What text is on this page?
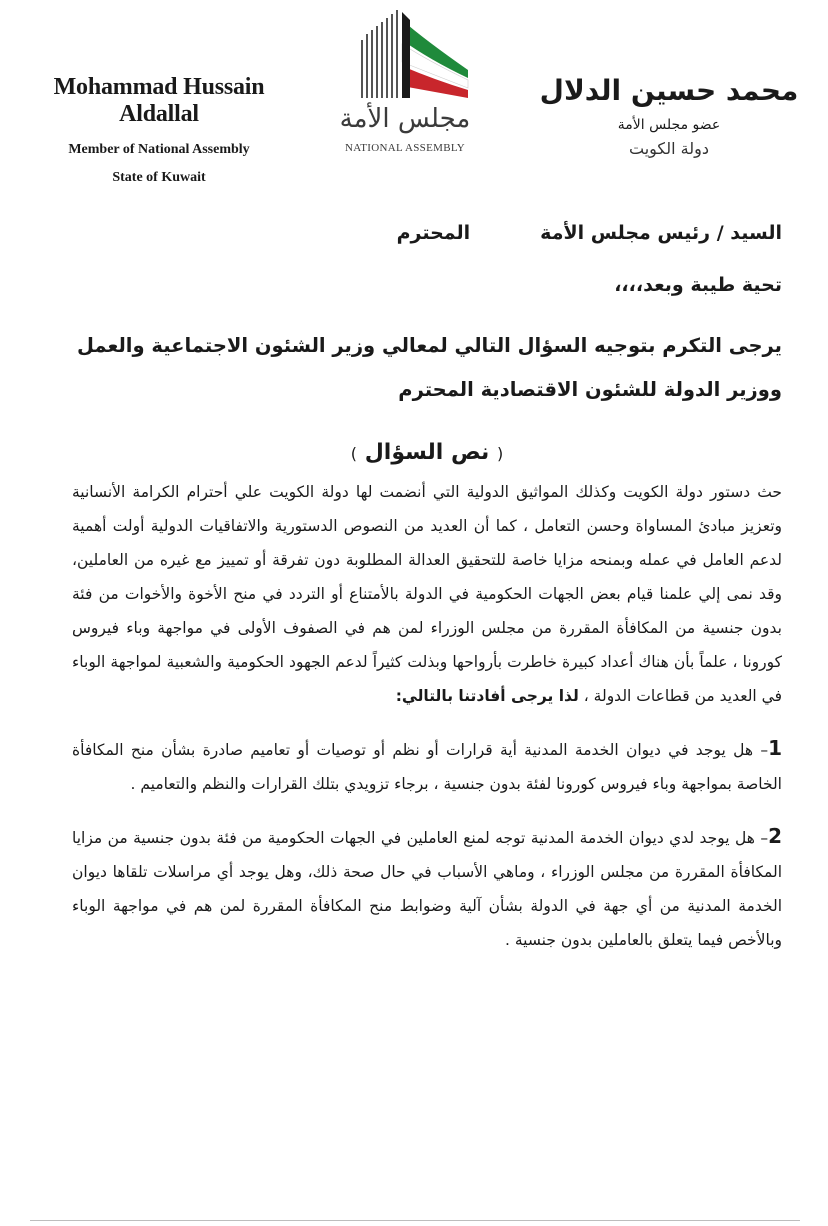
Mohammad Hussain Aldallal
Member of National Assembly
State of Kuwait
مجلس الأمة
NATIONAL ASSEMBLY
محمد حسين الدلال
عضو مجلس الأمة
دولة الكويت
السيد / رئيس مجلس الأمة
المحترم
تحية طيبة وبعد،،،،
يرجى التكرم بتوجيه السؤال التالي لمعالي وزير الشئون الاجتماعية والعمل ووزير الدولة للشئون الاقتصادية المحترم
( نص السؤال )
حث دستور دولة الكويت وكذلك المواثيق الدولية التي أنضمت لها دولة الكويت علي أحترام الكرامة الأنسانية وتعزيز مبادئ المساواة وحسن التعامل ، كما أن العديد من النصوص الدستورية والاتفاقيات الدولية أولت أهمية لدعم العامل في عمله وبمنحه مزايا خاصة للتحقيق العدالة المطلوبة دون تفرقة أو تمييز مع غيره من العاملين، وقد نمى إلي علمنا قيام بعض الجهات الحكومية في الدولة بالأمتناع أو التردد في منح الأخوة والأخوات من فئة بدون جنسية من المكافأة المقررة من مجلس الوزراء لمن هم في الصفوف الأولى في مواجهة وباء فيروس كورونا ، علماً بأن هناك أعداد كبيرة خاطرت بأرواحها وبذلت كثيراً لدعم الجهود الحكومية والشعبية لمواجهة الوباء في العديد من قطاعات الدولة ، لذا يرجى أفادتنا بالتالي:
1– هل يوجد في ديوان الخدمة المدنية أية قرارات أو نظم أو توصيات أو تعاميم صادرة بشأن منح المكافأة الخاصة بمواجهة وباء فيروس كورونا لفئة بدون جنسية ، برجاء تزويدي بتلك القرارات والنظم والتعاميم .
2– هل يوجد لدي ديوان الخدمة المدنية توجه لمنع العاملين في الجهات الحكومية من فئة بدون جنسية من مزايا المكافأة المقررة من مجلس الوزراء ، وماهي الأسباب في حال صحة ذلك، وهل يوجد أي مراسلات تلقاها ديوان الخدمة المدنية من أي جهة في الدولة بشأن آلية وضوابط منح المكافأة المقررة لمن هم في مواجهة الوباء وبالأخص فيما يتعلق بالعاملين بدون جنسية .
